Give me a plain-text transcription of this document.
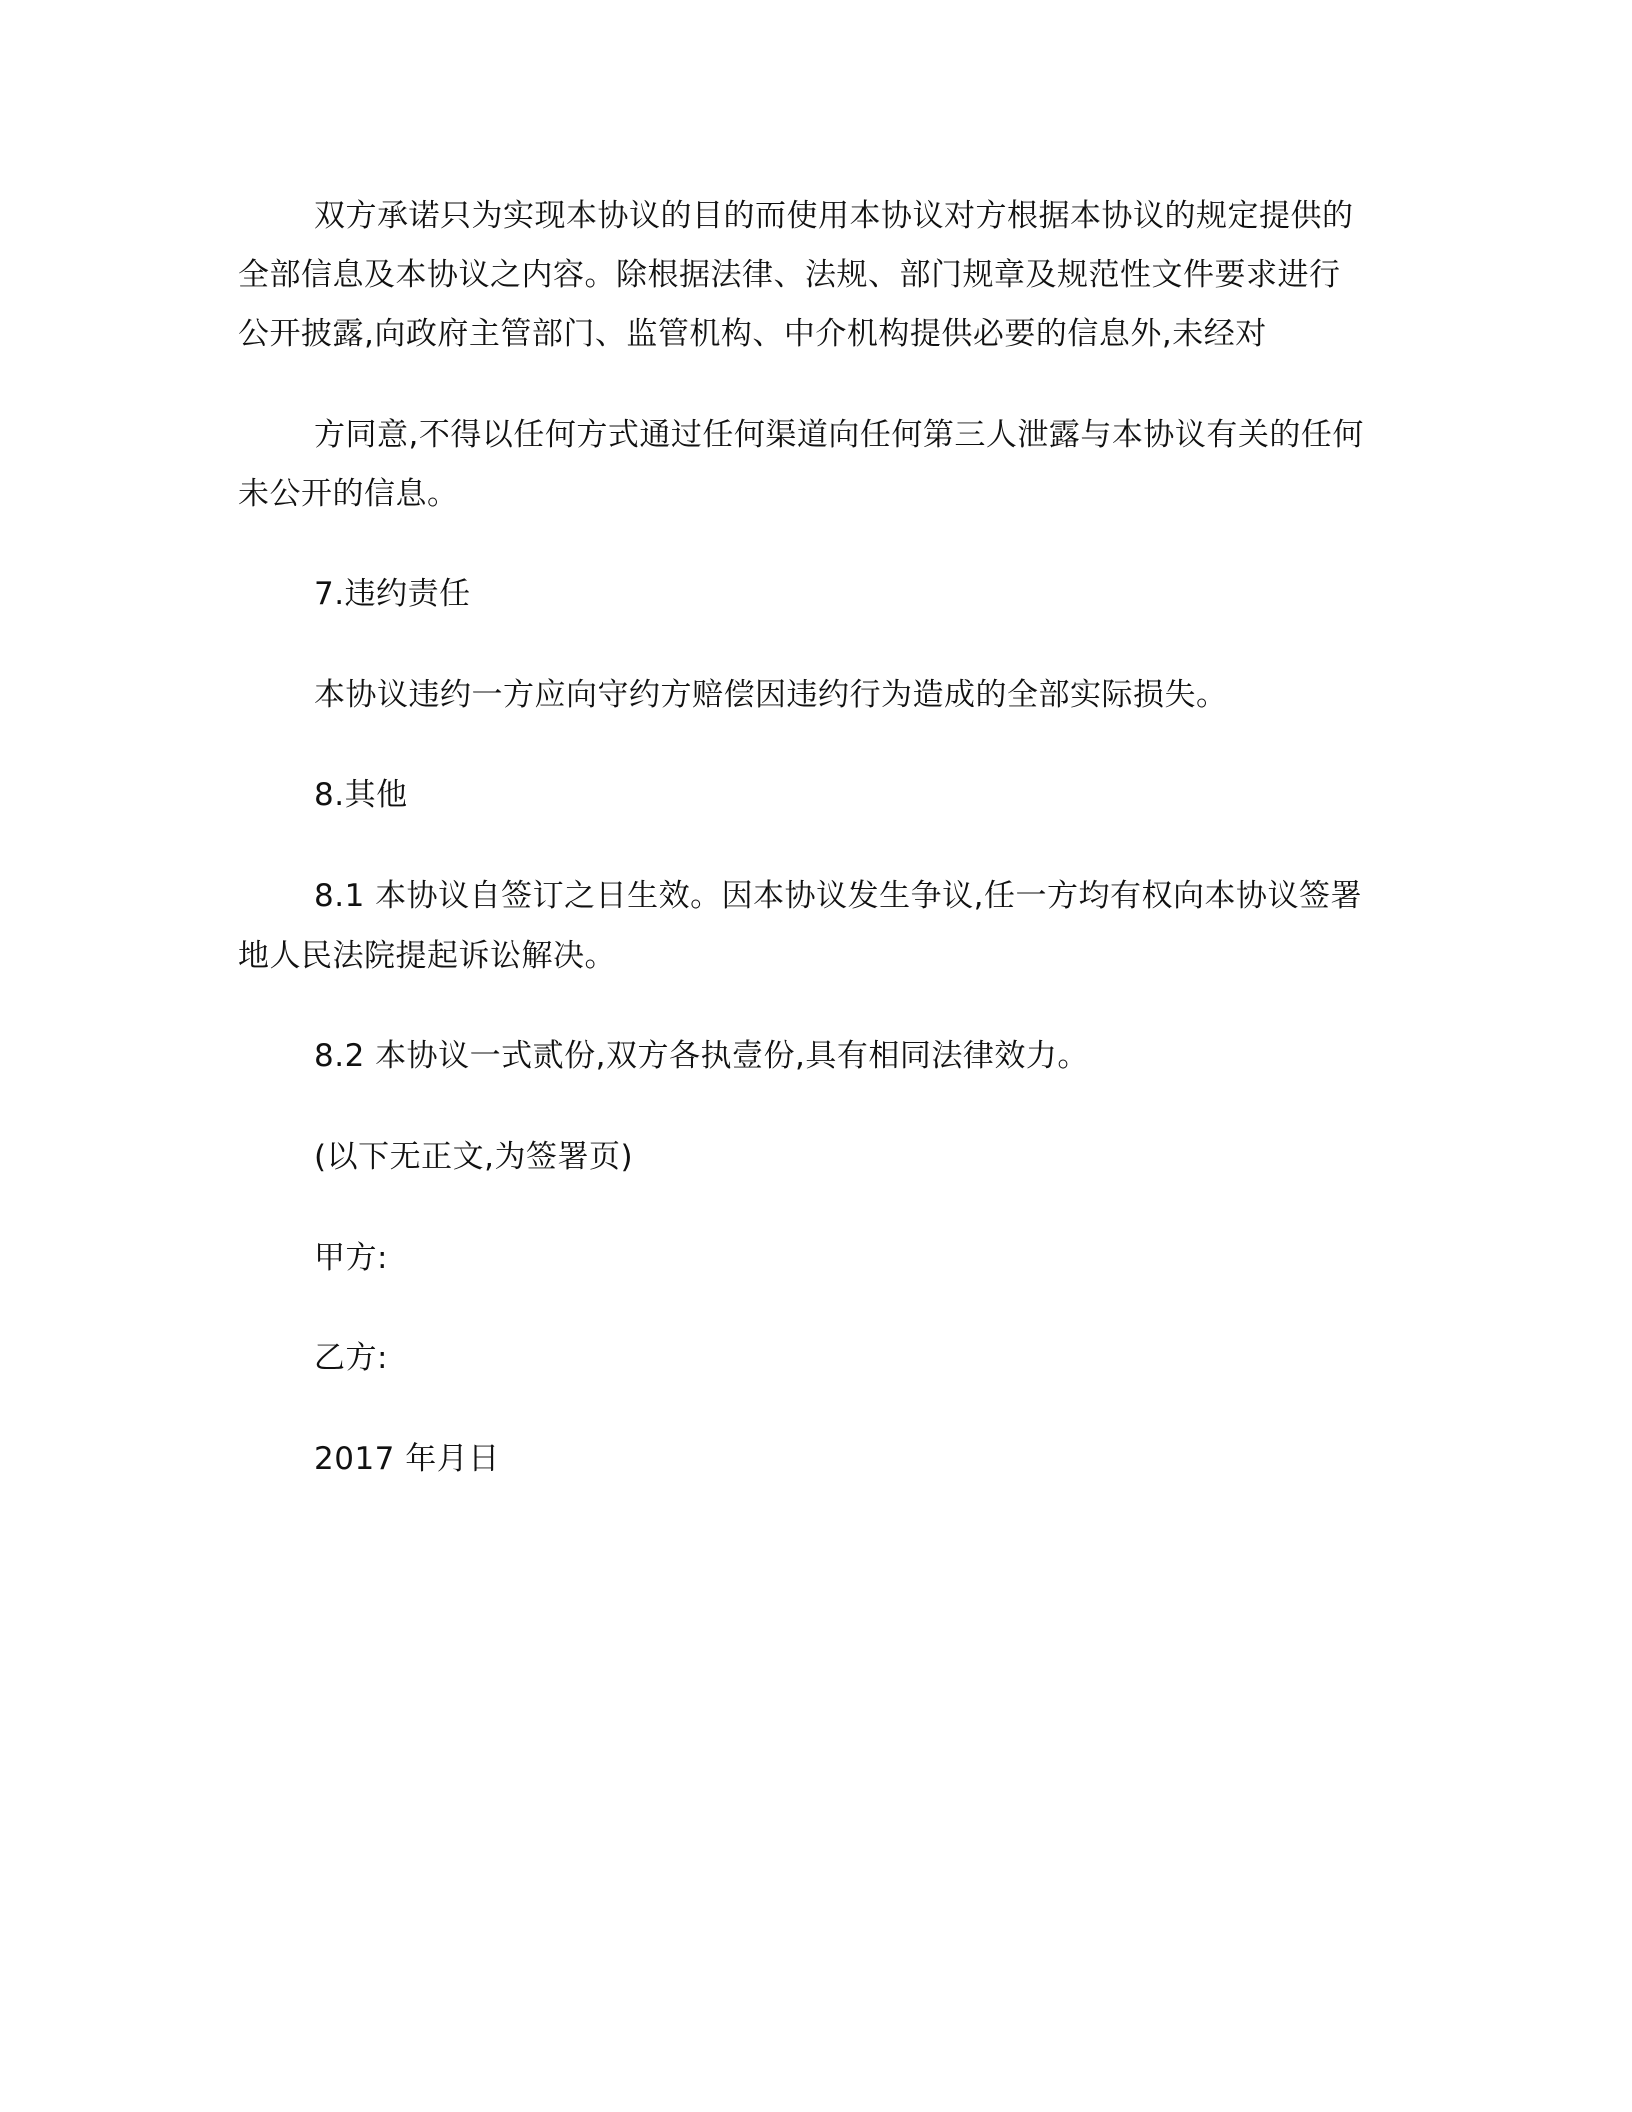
双方承诺只为实现本协议的目的而使用本协议对方根据本协议的规定提供的
全部信息及本协议之内容。除根据法律、法规、部门规章及规范性文件要求进行
公开披露,向政府主管部门、监管机构、中介机构提供必要的信息外,未经对
方同意,不得以任何方式通过任何渠道向任何第三人泄露与本协议有关的任何
未公开的信息。
7.违约责任
本协议违约一方应向守约方赔偿因违约行为造成的全部实际损失。
8.其他
8.1 本协议自签订之日生效。因本协议发生争议,任一方均有权向本协议签署
地人民法院提起诉讼解决。
8.2 本协议一式贰份,双方各执壹份,具有相同法律效力。
(以下无正文,为签署页)
甲方:
乙方:
2017 年月日
